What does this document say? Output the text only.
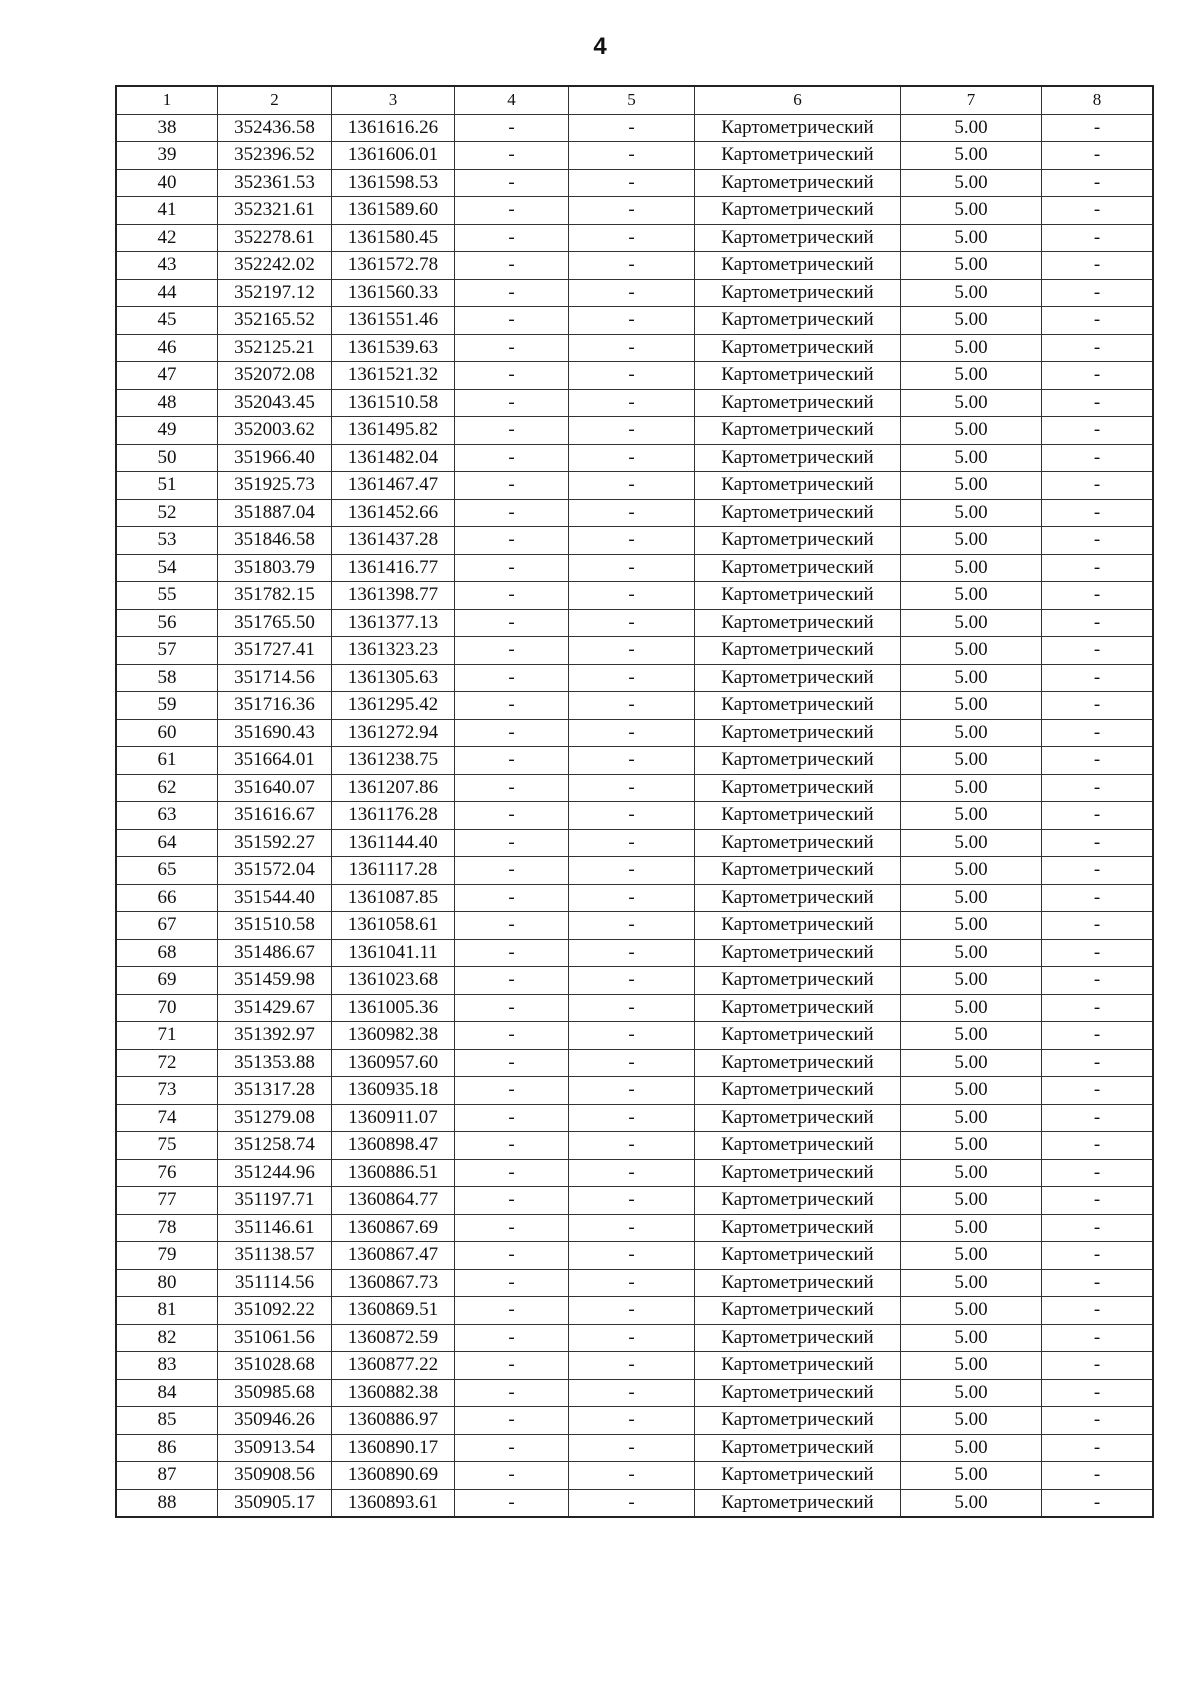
4
1	2	3	4	5	6	7	8
38	352436.58	1361616.26	-	-	Картометрический	5.00	-
39	352396.52	1361606.01	-	-	Картометрический	5.00	-
40	352361.53	1361598.53	-	-	Картометрический	5.00	-
41	352321.61	1361589.60	-	-	Картометрический	5.00	-
42	352278.61	1361580.45	-	-	Картометрический	5.00	-
43	352242.02	1361572.78	-	-	Картометрический	5.00	-
44	352197.12	1361560.33	-	-	Картометрический	5.00	-
45	352165.52	1361551.46	-	-	Картометрический	5.00	-
46	352125.21	1361539.63	-	-	Картометрический	5.00	-
47	352072.08	1361521.32	-	-	Картометрический	5.00	-
48	352043.45	1361510.58	-	-	Картометрический	5.00	-
49	352003.62	1361495.82	-	-	Картометрический	5.00	-
50	351966.40	1361482.04	-	-	Картометрический	5.00	-
51	351925.73	1361467.47	-	-	Картометрический	5.00	-
52	351887.04	1361452.66	-	-	Картометрический	5.00	-
53	351846.58	1361437.28	-	-	Картометрический	5.00	-
54	351803.79	1361416.77	-	-	Картометрический	5.00	-
55	351782.15	1361398.77	-	-	Картометрический	5.00	-
56	351765.50	1361377.13	-	-	Картометрический	5.00	-
57	351727.41	1361323.23	-	-	Картометрический	5.00	-
58	351714.56	1361305.63	-	-	Картометрический	5.00	-
59	351716.36	1361295.42	-	-	Картометрический	5.00	-
60	351690.43	1361272.94	-	-	Картометрический	5.00	-
61	351664.01	1361238.75	-	-	Картометрический	5.00	-
62	351640.07	1361207.86	-	-	Картометрический	5.00	-
63	351616.67	1361176.28	-	-	Картометрический	5.00	-
64	351592.27	1361144.40	-	-	Картометрический	5.00	-
65	351572.04	1361117.28	-	-	Картометрический	5.00	-
66	351544.40	1361087.85	-	-	Картометрический	5.00	-
67	351510.58	1361058.61	-	-	Картометрический	5.00	-
68	351486.67	1361041.11	-	-	Картометрический	5.00	-
69	351459.98	1361023.68	-	-	Картометрический	5.00	-
70	351429.67	1361005.36	-	-	Картометрический	5.00	-
71	351392.97	1360982.38	-	-	Картометрический	5.00	-
72	351353.88	1360957.60	-	-	Картометрический	5.00	-
73	351317.28	1360935.18	-	-	Картометрический	5.00	-
74	351279.08	1360911.07	-	-	Картометрический	5.00	-
75	351258.74	1360898.47	-	-	Картометрический	5.00	-
76	351244.96	1360886.51	-	-	Картометрический	5.00	-
77	351197.71	1360864.77	-	-	Картометрический	5.00	-
78	351146.61	1360867.69	-	-	Картометрический	5.00	-
79	351138.57	1360867.47	-	-	Картометрический	5.00	-
80	351114.56	1360867.73	-	-	Картометрический	5.00	-
81	351092.22	1360869.51	-	-	Картометрический	5.00	-
82	351061.56	1360872.59	-	-	Картометрический	5.00	-
83	351028.68	1360877.22	-	-	Картометрический	5.00	-
84	350985.68	1360882.38	-	-	Картометрический	5.00	-
85	350946.26	1360886.97	-	-	Картометрический	5.00	-
86	350913.54	1360890.17	-	-	Картометрический	5.00	-
87	350908.56	1360890.69	-	-	Картометрический	5.00	-
88	350905.17	1360893.61	-	-	Картометрический	5.00	-
